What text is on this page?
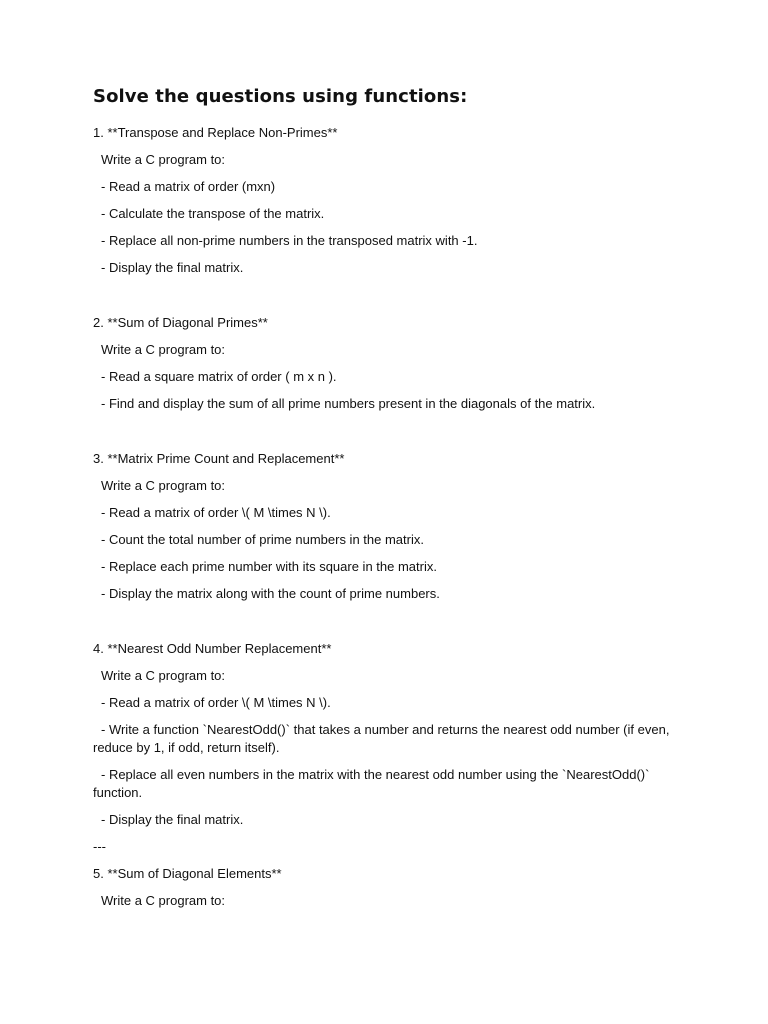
Solve the questions using functions:
1. **Transpose and Replace Non-Primes**
Write a C program to:
- Read a matrix of order (mxn)
- Calculate the transpose of the matrix.
- Replace all non-prime numbers in the transposed matrix with -1.
- Display the final matrix.
2. **Sum of Diagonal Primes**
Write a C program to:
- Read a square matrix of order ( m x n ).
- Find and display the sum of all prime numbers present in the diagonals of the matrix.
3. **Matrix Prime Count and Replacement**
Write a C program to:
- Read a matrix of order \( M \times N \).
- Count the total number of prime numbers in the matrix.
- Replace each prime number with its square in the matrix.
- Display the matrix along with the count of prime numbers.
4. **Nearest Odd Number Replacement**
Write a C program to:
- Read a matrix of order \( M \times N \).
- Write a function `NearestOdd()` that takes a number and returns the nearest odd number (if even, reduce by 1, if odd, return itself).
- Replace all even numbers in the matrix with the nearest odd number using the `NearestOdd()` function.
- Display the final matrix.
---
5. **Sum of Diagonal Elements**
Write a C program to:
